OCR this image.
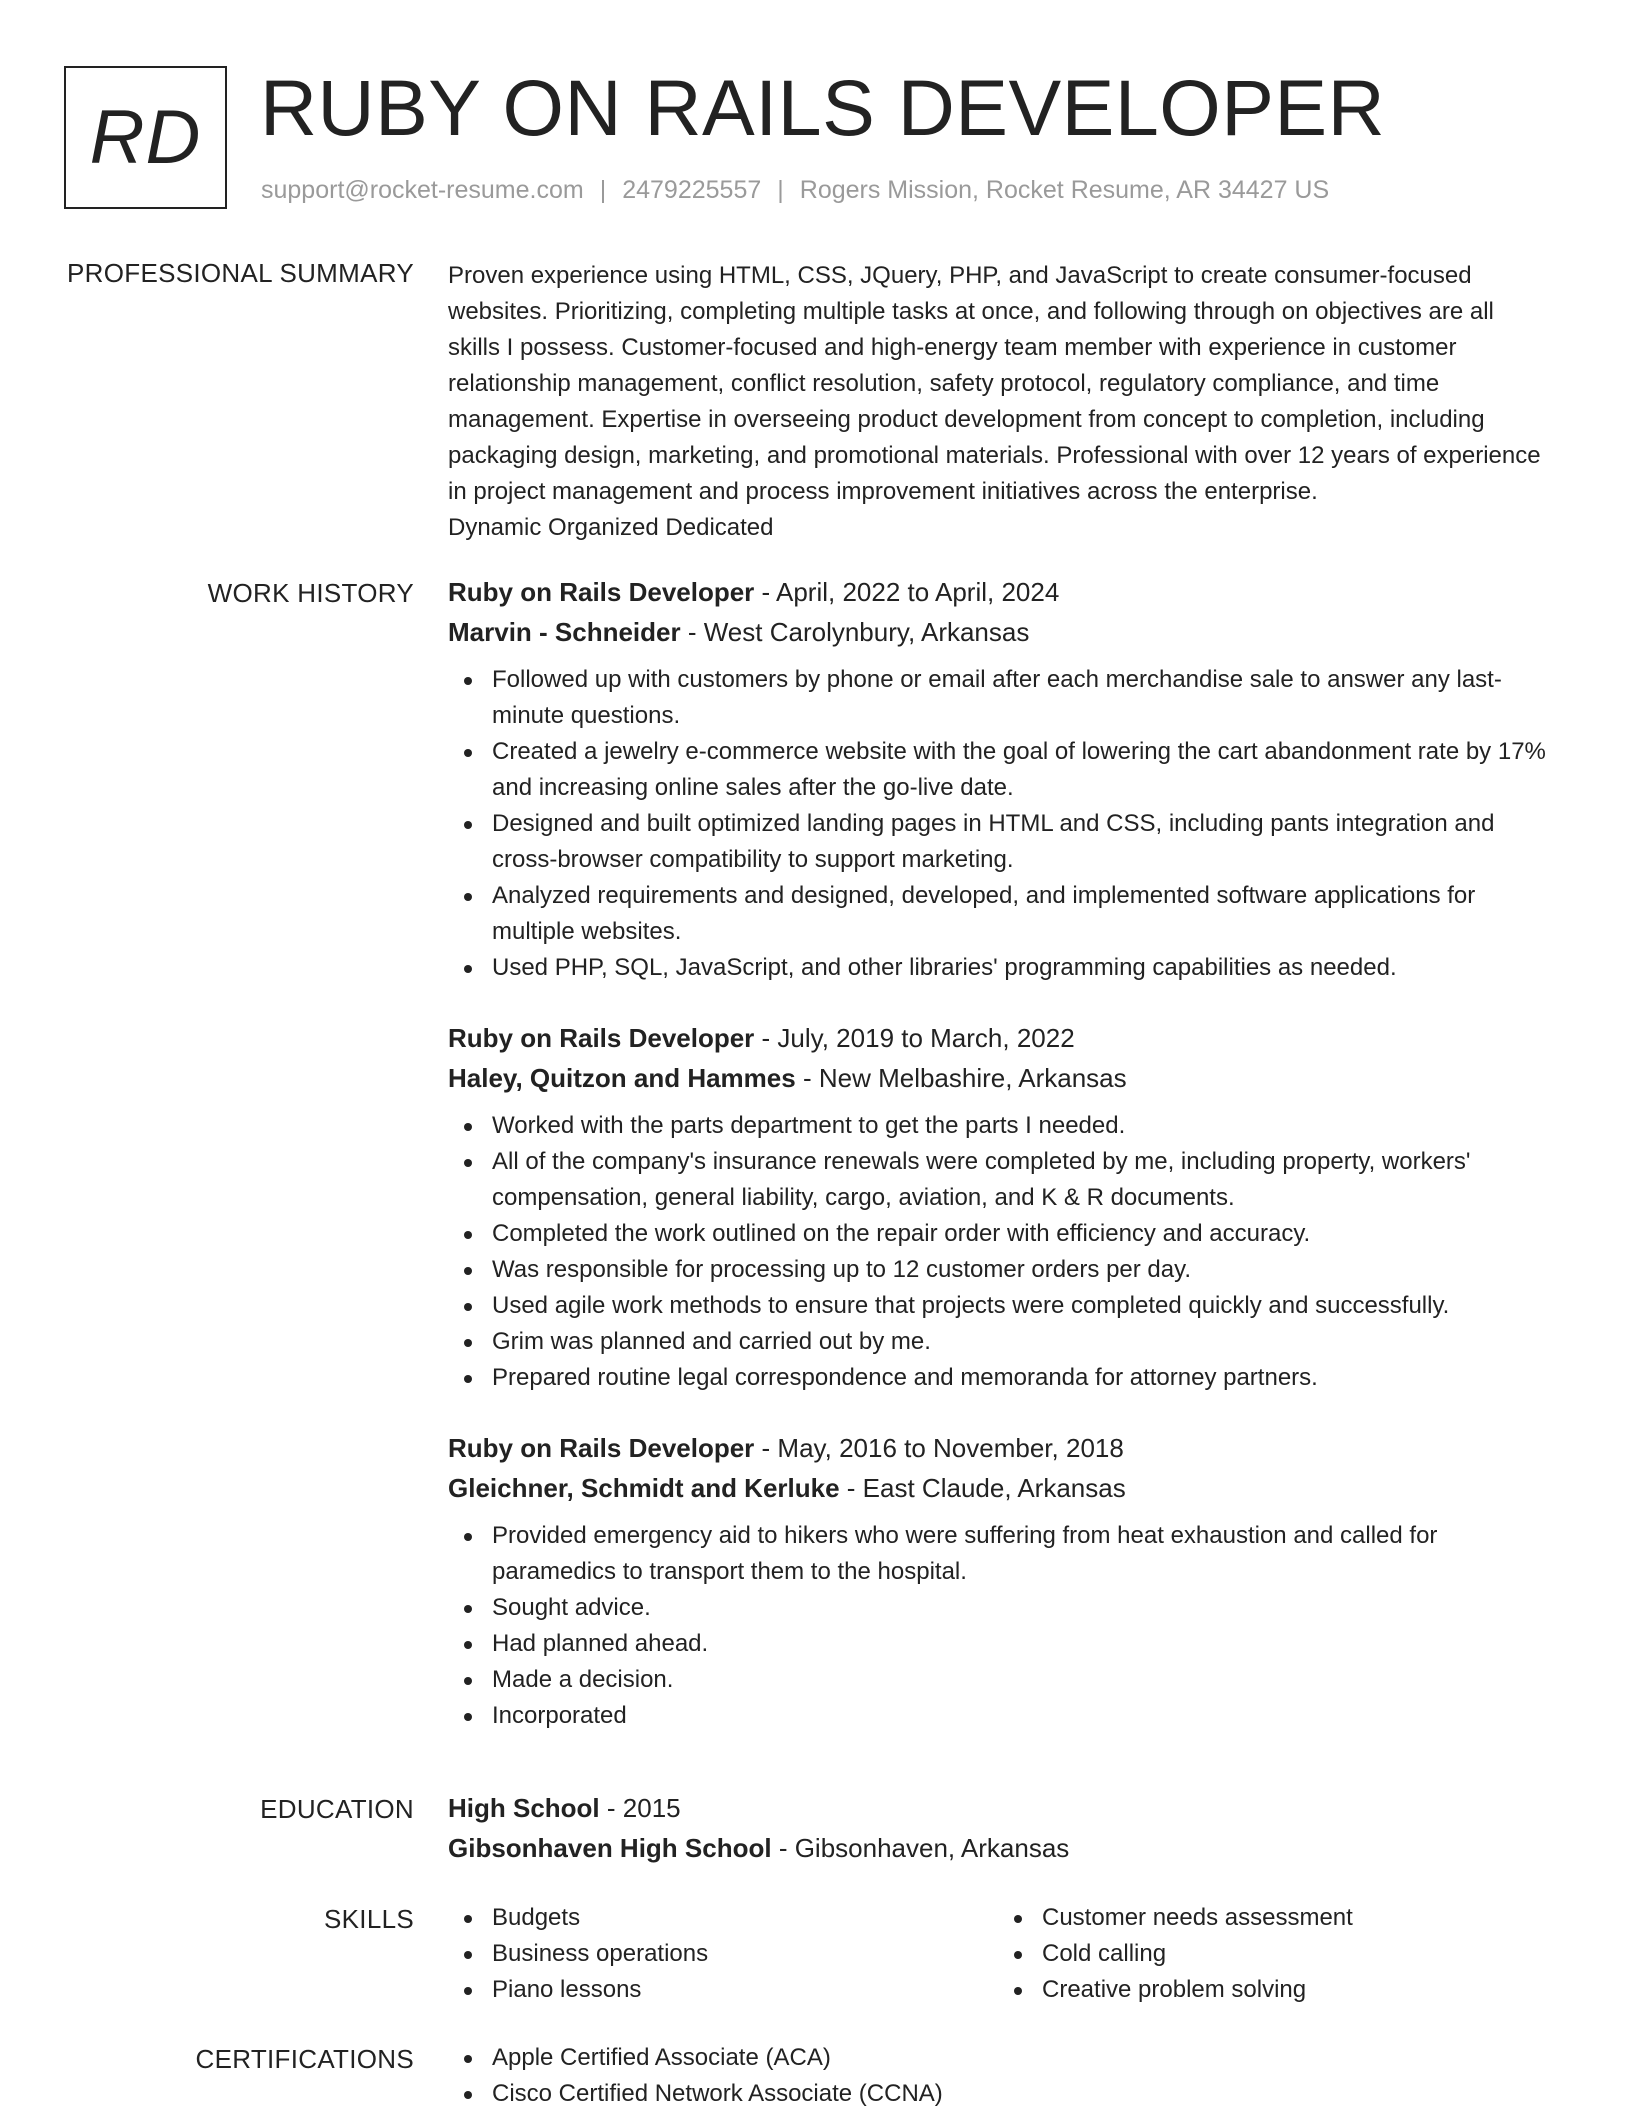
RD RUBY ON RAILS DEVELOPER
support@rocket-resume.com | 2479225557 | Rogers Mission, Rocket Resume, AR 34427 US
PROFESSIONAL SUMMARY Proven experience using HTML, CSS, JQuery, PHP, and JavaScript to create consumer-focused websites. Prioritizing, completing multiple tasks at once, and following through on objectives are all skills I possess. Customer-focused and high-energy team member with experience in customer relationship management, conflict resolution, safety protocol, regulatory compliance, and time management. Expertise in overseeing product development from concept to completion, including packaging design, marketing, and promotional materials. Professional with over 12 years of experience in project management and process improvement initiatives across the enterprise.
Dynamic Organized Dedicated
WORK HISTORY Ruby on Rails Developer - April, 2022 to April, 2024
Marvin - Schneider - West Carolynbury, Arkansas
Followed up with customers by phone or email after each merchandise sale to answer any last-minute questions.
Created a jewelry e-commerce website with the goal of lowering the cart abandonment rate by 17% and increasing online sales after the go-live date.
Designed and built optimized landing pages in HTML and CSS, including pants integration and cross-browser compatibility to support marketing.
Analyzed requirements and designed, developed, and implemented software applications for multiple websites.
Used PHP, SQL, JavaScript, and other libraries' programming capabilities as needed.
Ruby on Rails Developer - July, 2019 to March, 2022
Haley, Quitzon and Hammes - New Melbashire, Arkansas
Worked with the parts department to get the parts I needed.
All of the company's insurance renewals were completed by me, including property, workers' compensation, general liability, cargo, aviation, and K & R documents.
Completed the work outlined on the repair order with efficiency and accuracy.
Was responsible for processing up to 12 customer orders per day.
Used agile work methods to ensure that projects were completed quickly and successfully.
Grim was planned and carried out by me.
Prepared routine legal correspondence and memoranda for attorney partners.
Ruby on Rails Developer - May, 2016 to November, 2018
Gleichner, Schmidt and Kerluke - East Claude, Arkansas
Provided emergency aid to hikers who were suffering from heat exhaustion and called for paramedics to transport them to the hospital.
Sought advice.
Had planned ahead.
Made a decision.
Incorporated
EDUCATION High School - 2015
Gibsonhaven High School - Gibsonhaven, Arkansas
SKILLS	Budgets
Business operations
Piano lessons
Customer needs assessment
Cold calling
Creative problem solving
CERTIFICATIONS	Apple Certified Associate (ACA)
Cisco Certified Network Associate (CCNA)
